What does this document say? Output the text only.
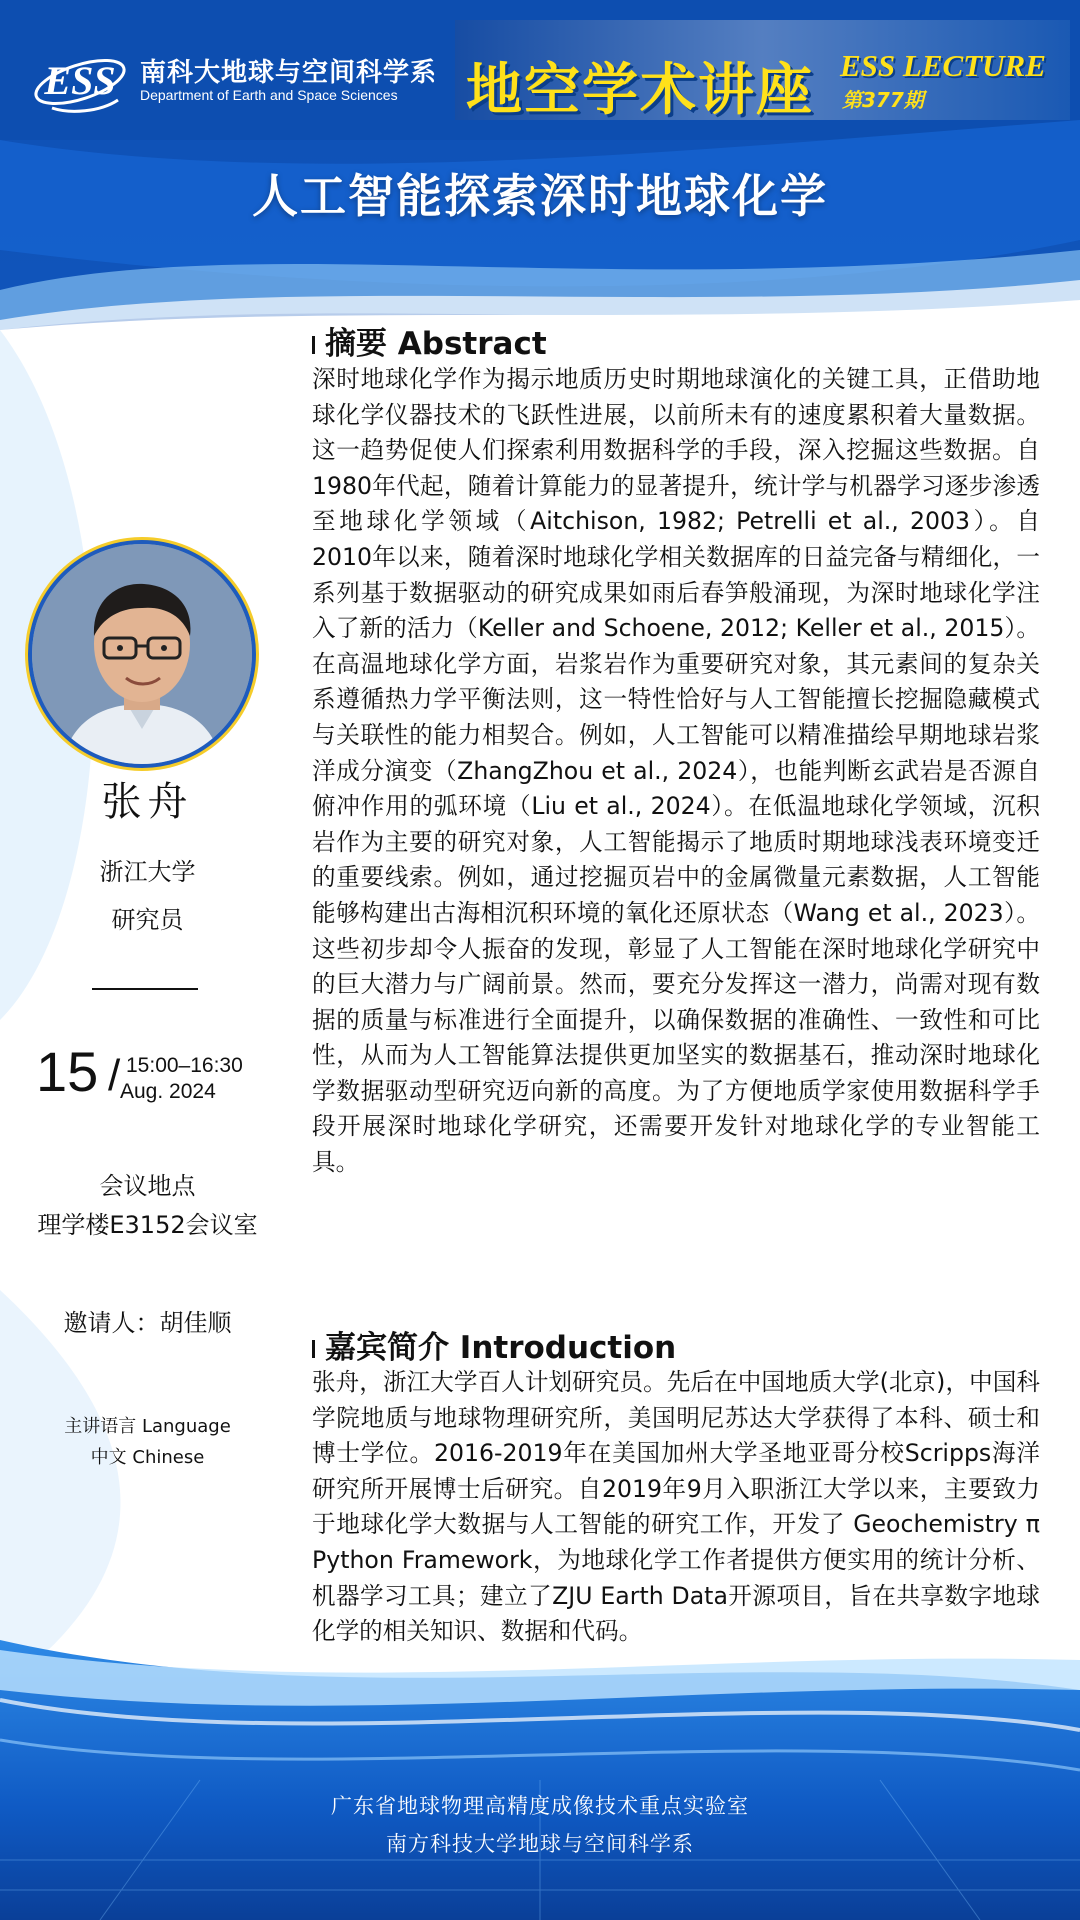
ESS 南科大地球与空间科学系
Department of Earth and Space Sciences 地空学术讲座 ESS LECTURE
第377期
人工智能探索深时地球化学
张舟
浙江大学
研究员
15 / 15:00–16:30
Aug. 2024
会议地点
理学楼E3152会议室
邀请人：胡佳顺
主讲语言 Language
中文 Chinese
摘要 Abstract

深时地球化学作为揭示地质历史时期地球演化的关键工具，正借助地球化学仪器技术的飞跃性进展，以前所未有的速度累积着大量数据。这一趋势促使人们探索利用数据科学的手段，深入挖掘这些数据。自1980年代起，随着计算能力的显著提升，统计学与机器学习逐步渗透至地球化学领域（Aitchison, 1982; Petrelli et al., 2003）。自2010年以来，随着深时地球化学相关数据库的日益完备与精细化，一系列基于数据驱动的研究成果如雨后春笋般涌现，为深时地球化学注入了新的活力（Keller and Schoene, 2012; Keller et al., 2015）。在高温地球化学方面，岩浆岩作为重要研究对象，其元素间的复杂关系遵循热力学平衡法则，这一特性恰好与人工智能擅长挖掘隐藏模式与关联性的能力相契合。例如，人工智能可以精准描绘早期地球岩浆洋成分演变（ZhangZhou et al., 2024），也能判断玄武岩是否源自俯冲作用的弧环境（Liu et al., 2024）。在低温地球化学领域，沉积岩作为主要的研究对象，人工智能揭示了地质时期地球浅表环境变迁的重要线索。例如，通过挖掘页岩中的金属微量元素数据，人工智能能够构建出古海相沉积环境的氧化还原状态（Wang et al., 2023）。这些初步却令人振奋的发现，彰显了人工智能在深时地球化学研究中的巨大潜力与广阔前景。然而，要充分发挥这一潜力，尚需对现有数据的质量与标准进行全面提升，以确保数据的准确性、一致性和可比性，从而为人工智能算法提供更加坚实的数据基石，推动深时地球化学数据驱动型研究迈向新的高度。为了方便地质学家使用数据科学手段开展深时地球化学研究，还需要开发针对地球化学的专业智能工具。

嘉宾简介 Introduction

张舟，浙江大学百人计划研究员。先后在中国地质大学(北京)，中国科学院地质与地球物理研究所，美国明尼苏达大学获得了本科、硕士和博士学位。2016-2019年在美国加州大学圣地亚哥分校Scripps海洋研究所开展博士后研究。自2019年9月入职浙江大学以来，主要致力于地球化学大数据与人工智能的研究工作，开发了 Geochemistry π Python Framework，为地球化学工作者提供方便实用的统计分析、机器学习工具；建立了ZJU Earth Data开源项目，旨在共享数字地球化学的相关知识、数据和代码。

广东省地球物理高精度成像技术重点实验室
南方科技大学地球与空间科学系
